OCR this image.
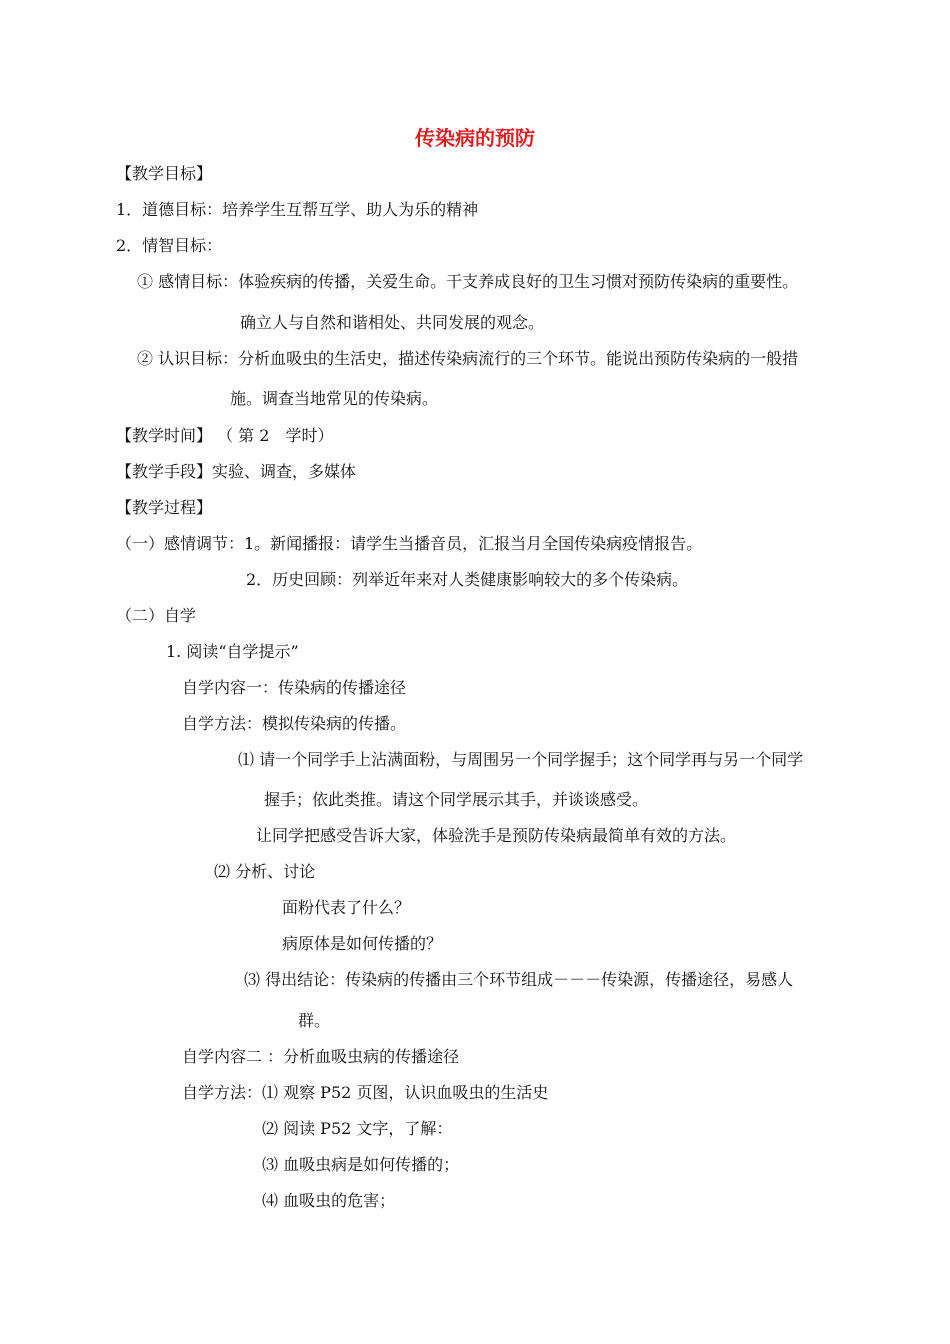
传染病的预防
【教学目标】
1．道德目标：培养学生互帮互学、助人为乐的精神
2．情智目标：
① 感情目标：体验疾病的传播，关爱生命。干支养成良好的卫生习惯对预防传染病的重要性。
确立人与自然和谐相处、共同发展的观念。
② 认识目标：分析血吸虫的生活史，描述传染病流行的三个环节。能说出预防传染病的一般措
施。调查当地常见的传染病。
【教学时间】 （ 第 2　学时）
【教学手段】实验、调查，多媒体
【教学过程】
（一）感情调节：1。新闻播报：请学生当播音员，汇报当月全国传染病疫情报告。
2．历史回顾：列举近年来对人类健康影响较大的多个传染病。
（二）自学
1. 阅读“自学提示”
自学内容一：传染病的传播途径
自学方法：模拟传染病的传播。
⑴ 请一个同学手上沾满面粉，与周围另一个同学握手；这个同学再与另一个同学
握手；依此类推。请这个同学展示其手，并谈谈感受。
让同学把感受告诉大家，体验洗手是预防传染病最简单有效的方法。
⑵ 分析、讨论
面粉代表了什么？
病原体是如何传播的？
⑶ 得出结论：传染病的传播由三个环节组成－－－传染源，传播途径，易感人
群。
自学内容二 ：分析血吸虫病的传播途径
自学方法：⑴ 观察 P52 页图，认识血吸虫的生活史
⑵ 阅读 P52 文字，了解：
⑶ 血吸虫病是如何传播的；
⑷ 血吸虫的危害；
